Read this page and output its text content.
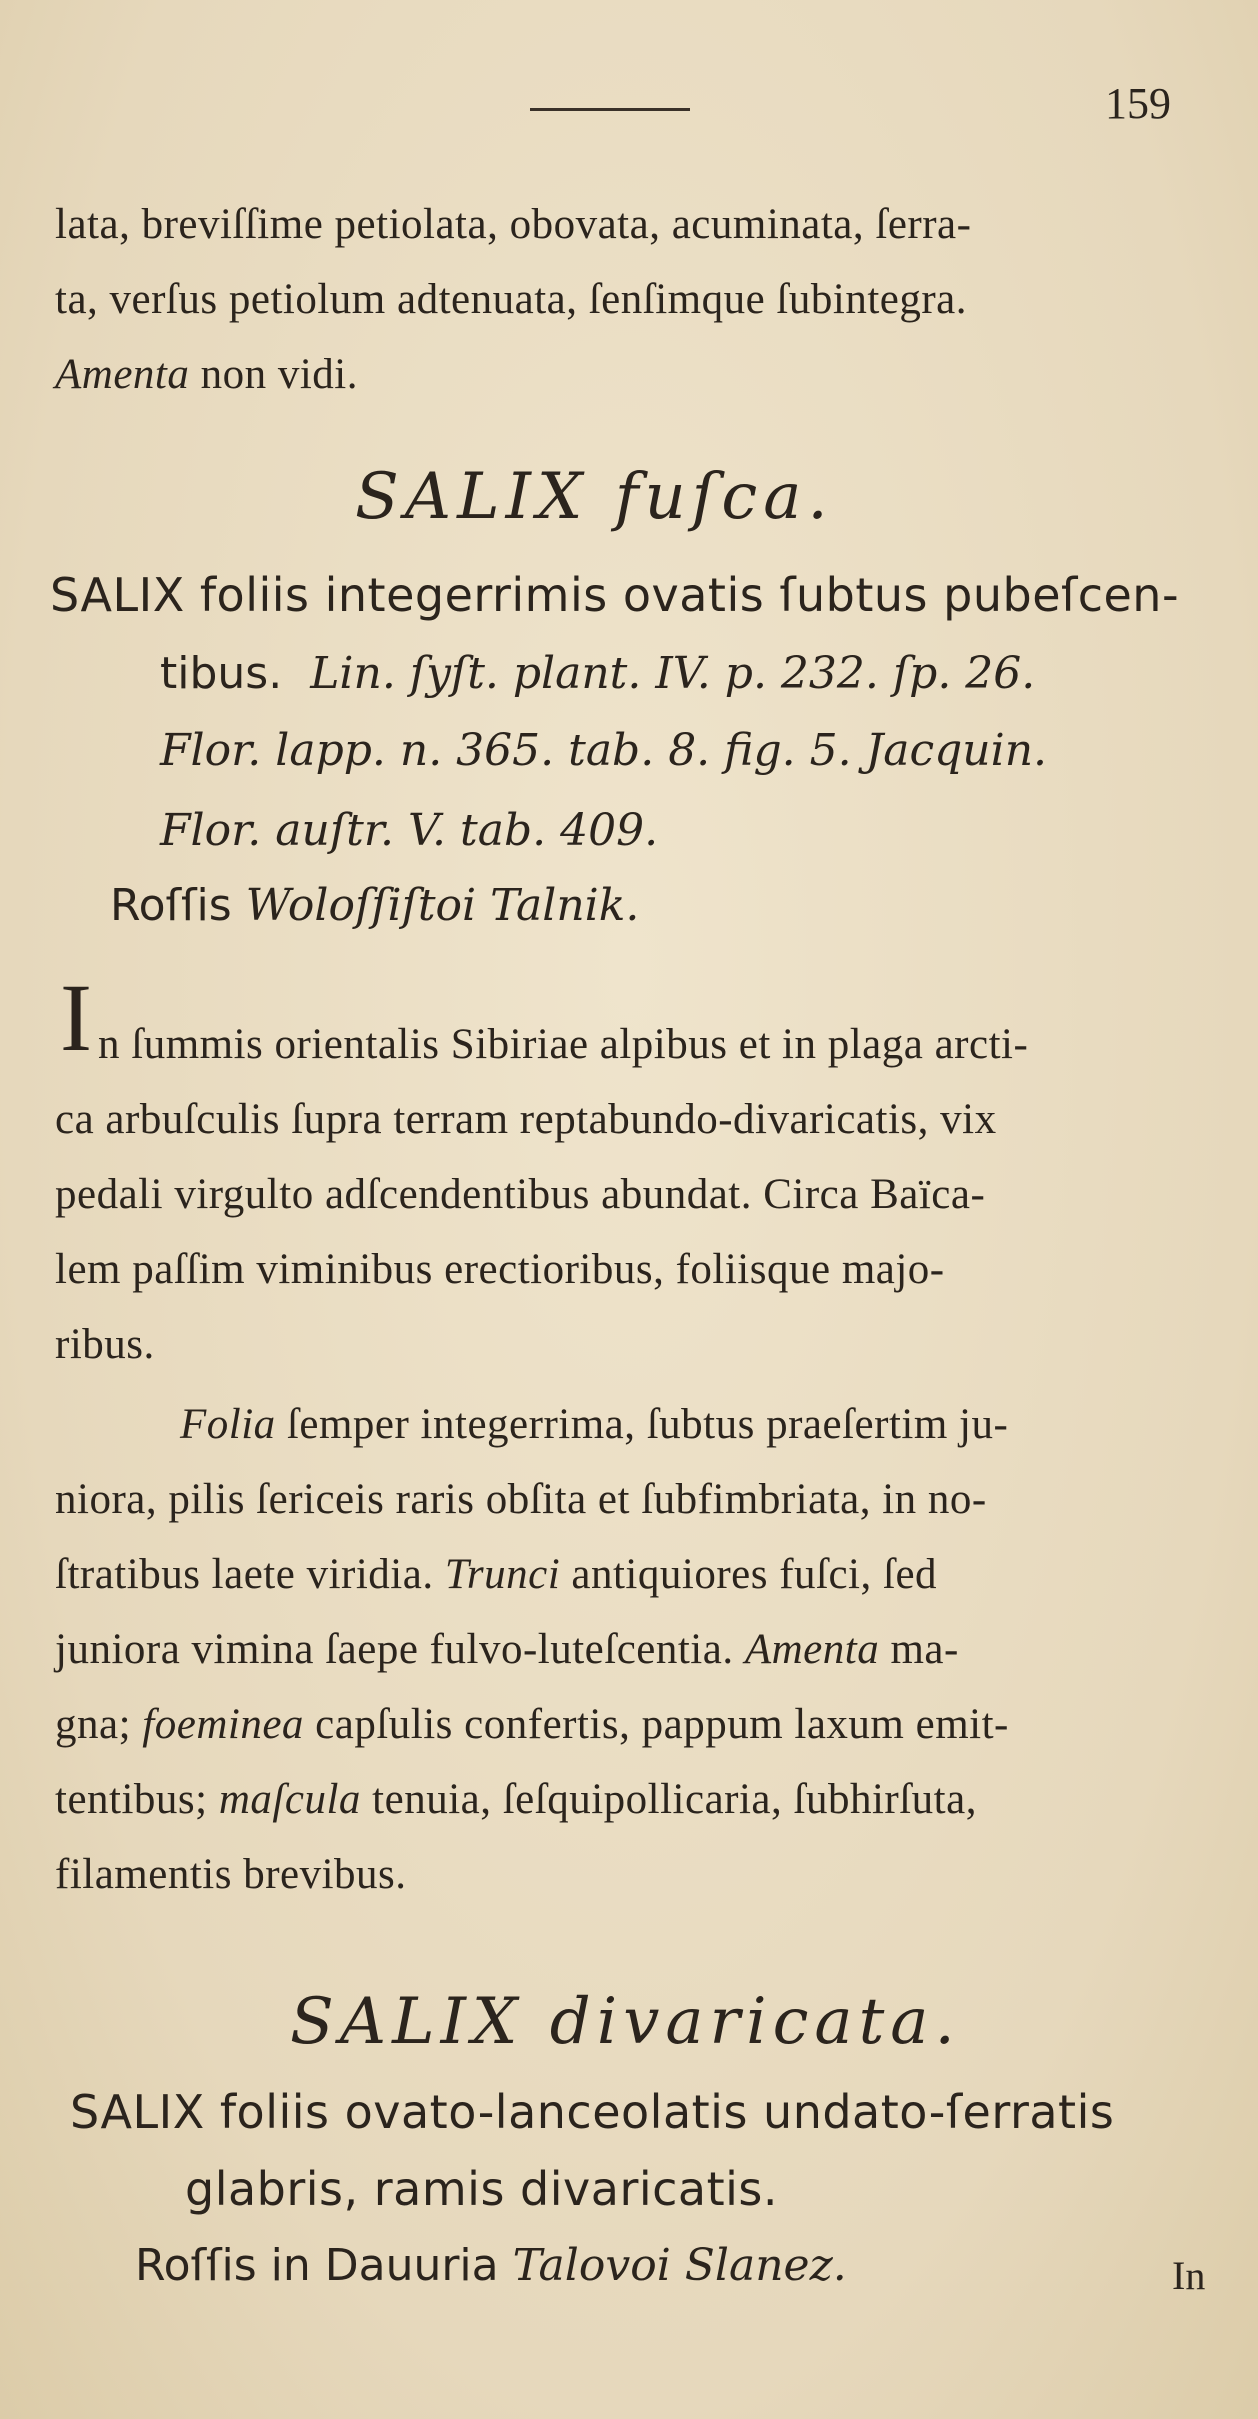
159
lata, breviſſime petiolata, obovata, acuminata, ſerra-
ta, verſus petiolum adtenuata, ſenſimque ſubintegra.
Amenta non vidi.
SALIX fuſca.
SALIX foliis integerrimis ovatis ſubtus pubeſcen-
tibus. Lin. ſyſt. plant. IV. p. 232. ſp. 26.
Flor. lapp. n. 365. tab. 8. fig. 5. Jacquin.
Flor. auſtr. V. tab. 409.
Roſſis Woloſſiſtoi Talnik.
I n ſummis orientalis Sibiriae alpibus et in plaga arcti-
ca arbuſculis ſupra terram reptabundo-divaricatis, vix
pedali virgulto adſcendentibus abundat. Circa Baïca-
lem paſſim viminibus erectioribus, foliisque majo-
ribus.
Folia ſemper integerrima, ſubtus praeſertim ju-
niora, pilis ſericeis raris obſita et ſubfimbriata, in no-
ſtratibus laete viridia. Trunci antiquiores fuſci, ſed
juniora vimina ſaepe fulvo-luteſcentia. Amenta ma-
gna; foeminea capſulis confertis, pappum laxum emit-
tentibus; maſcula tenuia, ſeſquipollicaria, ſubhirſuta,
filamentis brevibus.
SALIX divaricata.
SALIX foliis ovato-lanceolatis undato-ſerratis
glabris, ramis divaricatis.
Roſſis in Dauuria Talovoi Slanez.	In
